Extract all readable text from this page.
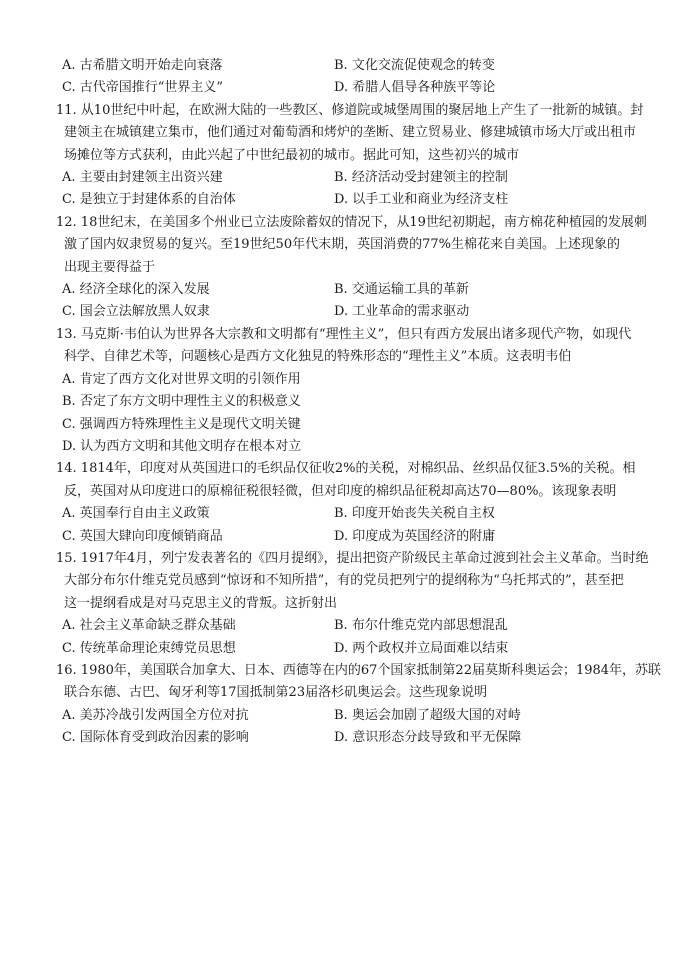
A. 古希腊文明开始走向衰落	B. 文化交流促使观念的转变
C. 古代帝国推行“世界主义”	D. 希腊人倡导各种族平等论
11. 从10世纪中叶起，在欧洲大陆的一些教区、修道院或城堡周围的聚居地上产生了一批新的城镇。封
建领主在城镇建立集市，他们通过对葡萄酒和烤炉的垄断、建立贸易业、修建城镇市场大厅或出租市
场摊位等方式获利，由此兴起了中世纪最初的城市。据此可知，这些初兴的城市
A. 主要由封建领主出资兴建	B. 经济活动受封建领主的控制
C. 是独立于封建体系的自治体	D. 以手工业和商业为经济支柱
12. 18世纪末，在美国多个州业已立法废除蓄奴的情况下，从19世纪初期起，南方棉花种植园的发展刺
激了国内奴隶贸易的复兴。至19世纪50年代末期，英国消费的77%生棉花来自美国。上述现象的
出现主要得益于
A. 经济全球化的深入发展	B. 交通运输工具的革新
C. 国会立法解放黑人奴隶	D. 工业革命的需求驱动
13. 马克斯·韦伯认为世界各大宗教和文明都有“理性主义”，但只有西方发展出诸多现代产物，如现代
科学、自律艺术等，问题核心是西方文化独見的特殊形态的“理性主义”本质。这表明韦伯
A. 肯定了西方文化对世界文明的引领作用
B. 否定了东方文明中理性主义的积极意义
C. 强调西方特殊理性主义是现代文明关键
D. 认为西方文明和其他文明存在根本对立
14. 1814年，印度对从英国进口的毛织品仅征收2%的关税，对棉织品、丝织品仅征3.5%的关税。相
反，英国对从印度进口的原棉征税很轻微，但对印度的棉织品征税却高达70—80%。该现象表明
A. 英国奉行自由主义政策	B. 印度开始丧失关税自主权
C. 英国大肆向印度倾销商品	D. 印度成为英国经济的附庸
15. 1917年4月，列宁发表著名的《四月提纲》，提出把资产阶级民主革命过渡到社会主义革命。当时绝
大部分布尔什维克党员感到“惊讶和不知所措”，有的党员把列宁的提纲称为“乌托邦式的”，甚至把
这一提纲看成是对马克思主义的背叛。这折射出
A. 社会主义革命缺乏群众基础	B. 布尔什维克党内部思想混乱
C. 传统革命理论束缚党员思想	D. 两个政权并立局面难以结束
16. 1980年，美国联合加拿大、日本、西德等在内的67个国家抵制第22届莫斯科奥运会；1984年，苏联
联合东德、古巴、匈牙利等17国抵制第23届洛杉矶奥运会。这些现象说明
A. 美苏冷战引发两国全方位对抗	B. 奥运会加剧了超级大国的对峙
C. 国际体育受到政治因素的影响	D. 意识形态分歧导致和平无保障
